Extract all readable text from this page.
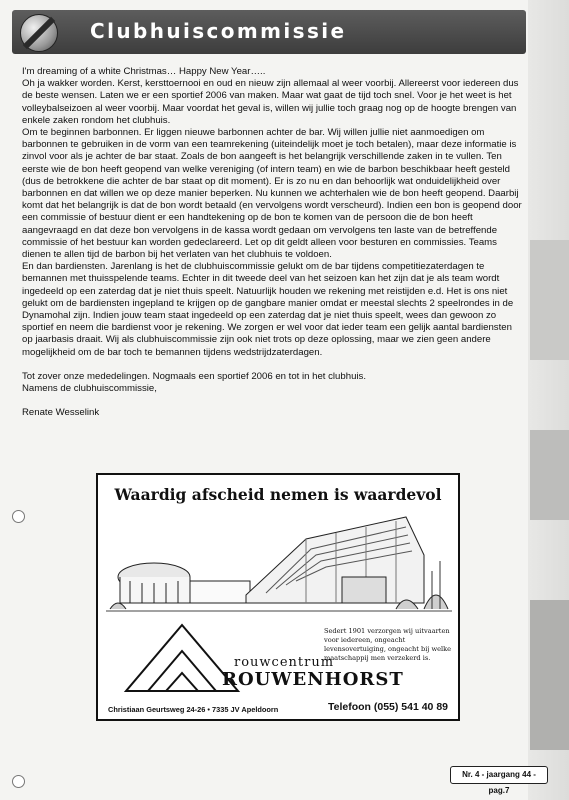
Clubhuiscommissie

I'm dreaming of a white Christmas… Happy New Year…..

Oh ja wakker worden. Kerst, kersttoernooi en oud en nieuw zijn allemaal al weer voorbij. Allereerst voor iedereen dus de beste wensen. Laten we er een sportief 2006 van maken. Maar wat gaat de tijd toch snel. Voor je het weet is het volleybalseizoen al weer voorbij. Maar voordat het geval is, willen wij jullie toch graag nog op de hoogte brengen van enkele zaken rondom het clubhuis.

Om te beginnen barbonnen. Er liggen nieuwe barbonnen achter de bar. Wij willen jullie niet aanmoedigen om barbonnen te gebruiken in de vorm van een teamrekening (uiteindelijk moet je toch betalen), maar deze informatie is zinvol voor als je achter de bar staat. Zoals de bon aangeeft is het belangrijk verschillende zaken in te vullen. Ten eerste wie de bon heeft geopend van welke vereniging (of intern team) en wie de barbon beschikbaar heeft gesteld (dus de betrokkene die achter de bar staat op dit moment). Er is zo nu en dan behoorlijk wat onduidelijkheid over barbonnen en dat willen we op deze manier beperken. Nu kunnen we achterhalen wie de bon heeft geopend. Daarbij komt dat het belangrijk is dat de bon wordt betaald (en vervolgens wordt verscheurd). Indien een bon is geopend door een commissie of bestuur dient er een handtekening op de bon te komen van de persoon die de bon heeft aangevraagd en dat deze bon vervolgens in de kassa wordt gedaan om vervolgens ten laste van de betreffende commissie of het bestuur kan worden gedeclareerd. Let op dit geldt alleen voor besturen en commissies. Teams dienen te allen tijd de barbon bij het verlaten van het clubhuis te voldoen.

En dan bardiensten. Jarenlang is het de clubhuiscommissie gelukt om de bar tijdens competitiezaterdagen te bemannen met thuisspelende teams. Echter in dit tweede deel van het seizoen kan het zijn dat je als team wordt ingedeeld op een zaterdag dat je niet thuis speelt. Natuurlijk houden we rekening met reistijden e.d. Het is ons niet gelukt om de bardiensten ingepland te krijgen op de gangbare manier omdat er meestal slechts 2 speelrondes in de Dynamohal zijn. Indien jouw team staat ingedeeld op een zaterdag dat je niet thuis speelt, wees dan gewoon zo sportief en neem die bardienst voor je rekening. We zorgen er wel voor dat ieder team een gelijk aantal bardiensten op jaarbasis draait. Wij als clubhuiscommissie zijn ook niet trots op deze oplossing, maar we zien geen andere mogelijkheid om de bar toch te bemannen tijdens wedstrijdzaterdagen.

Tot zover onze mededelingen. Nogmaals een sportief 2006 en tot in het clubhuis.

Namens de clubhuiscommissie,

Renate Wesselink

Waardig afscheid nemen is waardevol
Sedert 1901 verzorgen wij uitvaarten voor iedereen, ongeacht levensovertuiging, ongeacht bij welke maatschappij men verzekerd is.
rouwcentrum
ROUWENHORST
Christiaan Geurtsweg 24-26 • 7335 JV Apeldoorn	Telefoon (055) 541 40 89
Nr. 4 - jaargang 44 - pag.7
